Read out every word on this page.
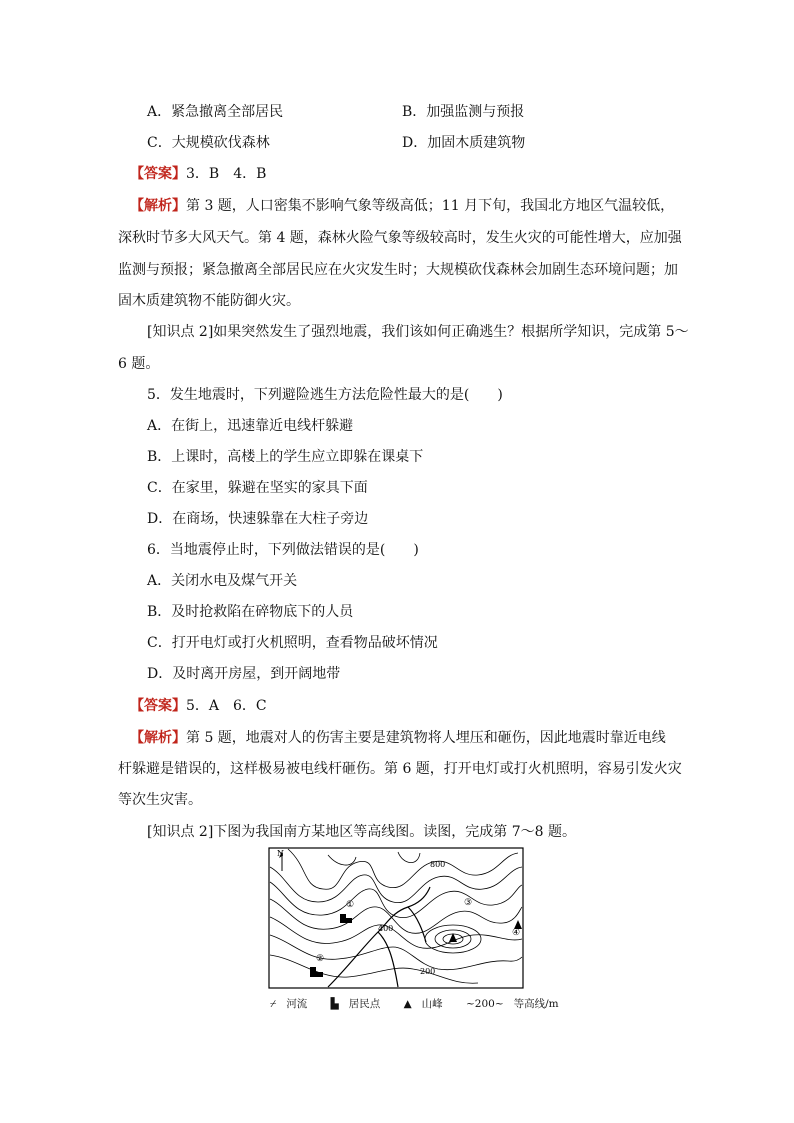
A．紧急撤离全部居民	B．加强监测与预报
C．大规模砍伐森林	D．加固木质建筑物
【答案】3．B　4．B
【解析】第 3 题，人口密集不影响气象等级高低；11 月下旬，我国北方地区气温较低，
深秋时节多大风天气。第 4 题，森林火险气象等级较高时，发生火灾的可能性增大，应加强
监测与预报；紧急撤离全部居民应在火灾发生时；大规模砍伐森林会加剧生态环境问题；加
固木质建筑物不能防御火灾。
[知识点 2]如果突然发生了强烈地震，我们该如何正确逃生？根据所学知识，完成第 5～
6 题。
5．发生地震时，下列避险逃生方法危险性最大的是(　　)
A．在街上，迅速靠近电线杆躲避
B．上课时，高楼上的学生应立即躲在课桌下
C．在家里，躲避在坚实的家具下面
D．在商场，快速躲靠在大柱子旁边
6．当地震停止时，下列做法错误的是(　　)
A．关闭水电及煤气开关
B．及时抢救陷在碎物底下的人员
C．打开电灯或打火机照明，查看物品破坏情况
D．及时离开房屋，到开阔地带
【答案】5．A　6．C
【解析】第 5 题，地震对人的伤害主要是建筑物将人埋压和砸伤，因此地震时靠近电线
杆躲避是错误的，这样极易被电线杆砸伤。第 6 题，打开电灯或打火机照明，容易引发火灾
等次生灾害。
[知识点 2]下图为我国南方某地区等高线图。读图，完成第 7～8 题。
N
800
400
200
①
②
③
④
⌿ 河流 ▙ 居民点 ▲ 山峰 ~200~ 等高线/m
